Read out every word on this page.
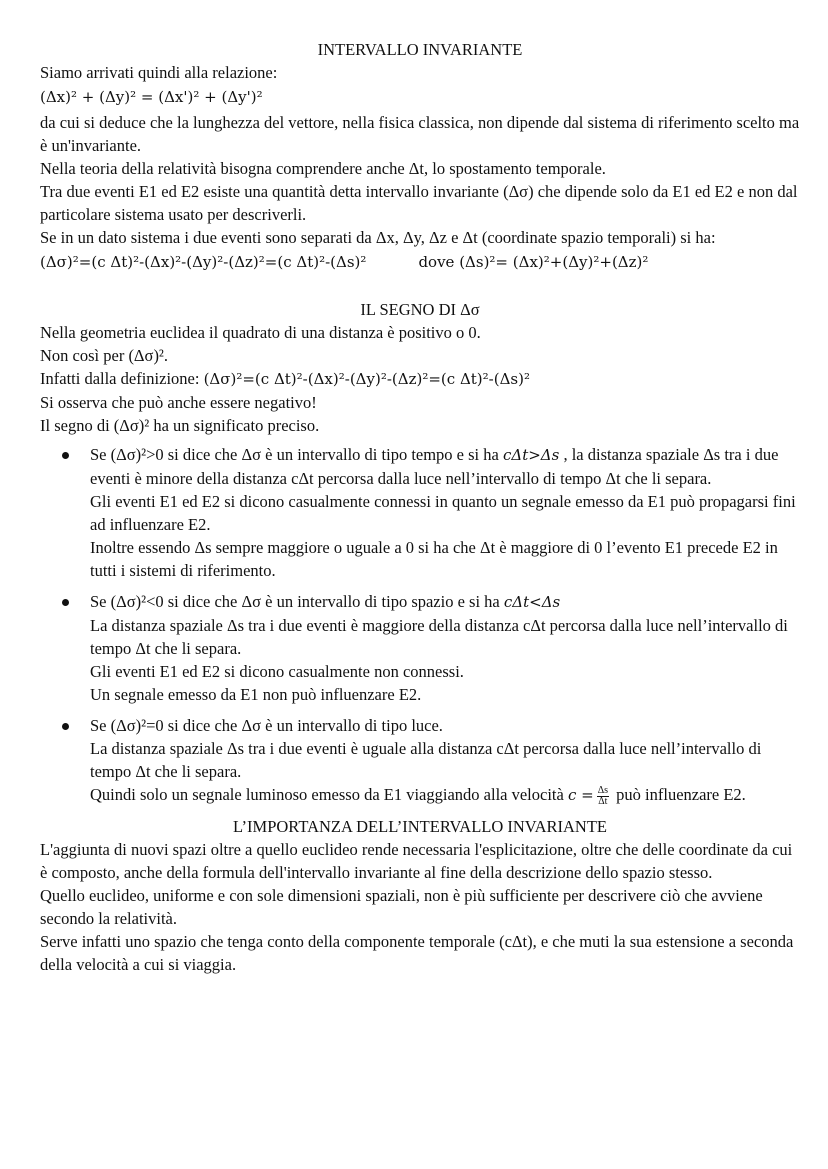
INTERVALLO INVARIANTE

Siamo arrivati quindi alla relazione:

(Δx)² + (Δy)² = (Δx')² + (Δy')²

da cui si deduce che la lunghezza del vettore, nella fisica classica, non dipende dal sistema di riferimento scelto ma è un'invariante.

Nella teoria della relatività bisogna comprendere anche Δt, lo spostamento temporale.

Tra due eventi E1 ed E2 esiste una quantità detta intervallo invariante (Δσ) che dipende solo da E1 ed E2 e non dal particolare sistema usato per descriverli.

Se in un dato sistema i due eventi sono separati da Δx, Δy, Δz e Δt (coordinate spazio temporali) si ha:

(Δσ)²=(c Δt)²-(Δx)²-(Δy)²-(Δz)²=(c Δt)²-(Δs)²	dove (Δs)²= (Δx)²+(Δy)²+(Δz)²

IL SEGNO DI Δσ

Nella geometria euclidea il quadrato di una distanza è positivo o 0.

Non così per (Δσ)².

Infatti dalla definizione: (Δσ)²=(c Δt)²-(Δx)²-(Δy)²-(Δz)²=(c Δt)²-(Δs)²

Si osserva che può anche essere negativo!

Il segno di (Δσ)² ha un significato preciso.

Se (Δσ)²>0 si dice che Δσ è un intervallo di tipo tempo e si ha cΔt>Δs , la distanza spaziale Δs tra i due eventi è minore della distanza cΔt percorsa dalla luce nell’intervallo di tempo Δt che li separa.

Gli eventi E1 ed E2 si dicono casualmente connessi in quanto un segnale emesso da E1 può propagarsi fini ad influenzare E2.

Inoltre essendo Δs sempre maggiore o uguale a 0 si ha che Δt è maggiore di 0 l’evento E1 precede E2 in tutti i sistemi di riferimento.

Se (Δσ)²<0 si dice che Δσ è un intervallo di tipo spazio e si ha cΔt<Δs

La distanza spaziale Δs tra i due eventi è maggiore della distanza cΔt percorsa dalla luce nell’intervallo di tempo Δt che li separa.

Gli eventi E1 ed E2 si dicono casualmente non connessi.

Un segnale emesso da E1 non può influenzare E2.

Se (Δσ)²=0 si dice che Δσ è un intervallo di tipo luce.

La distanza spaziale Δs tra i due eventi è uguale alla distanza cΔt percorsa dalla luce nell’intervallo di tempo Δt che li separa.

Quindi solo un segnale luminoso emesso da E1 viaggiando alla velocità $c = \frac{\Delta s}{\Delta t}$ può influenzare E2.

L’IMPORTANZA DELL’INTERVALLO INVARIANTE

L'aggiunta di nuovi spazi oltre a quello euclideo rende necessaria l'esplicitazione, oltre che delle coordinate da cui è composto, anche della formula dell'intervallo invariante al fine della descrizione dello spazio stesso.

Quello euclideo, uniforme e con sole dimensioni spaziali, non è più sufficiente per descrivere ciò che avviene secondo la relatività.

Serve infatti uno spazio che tenga conto della componente temporale (cΔt), e che muti la sua estensione a seconda della velocità a cui si viaggia.
